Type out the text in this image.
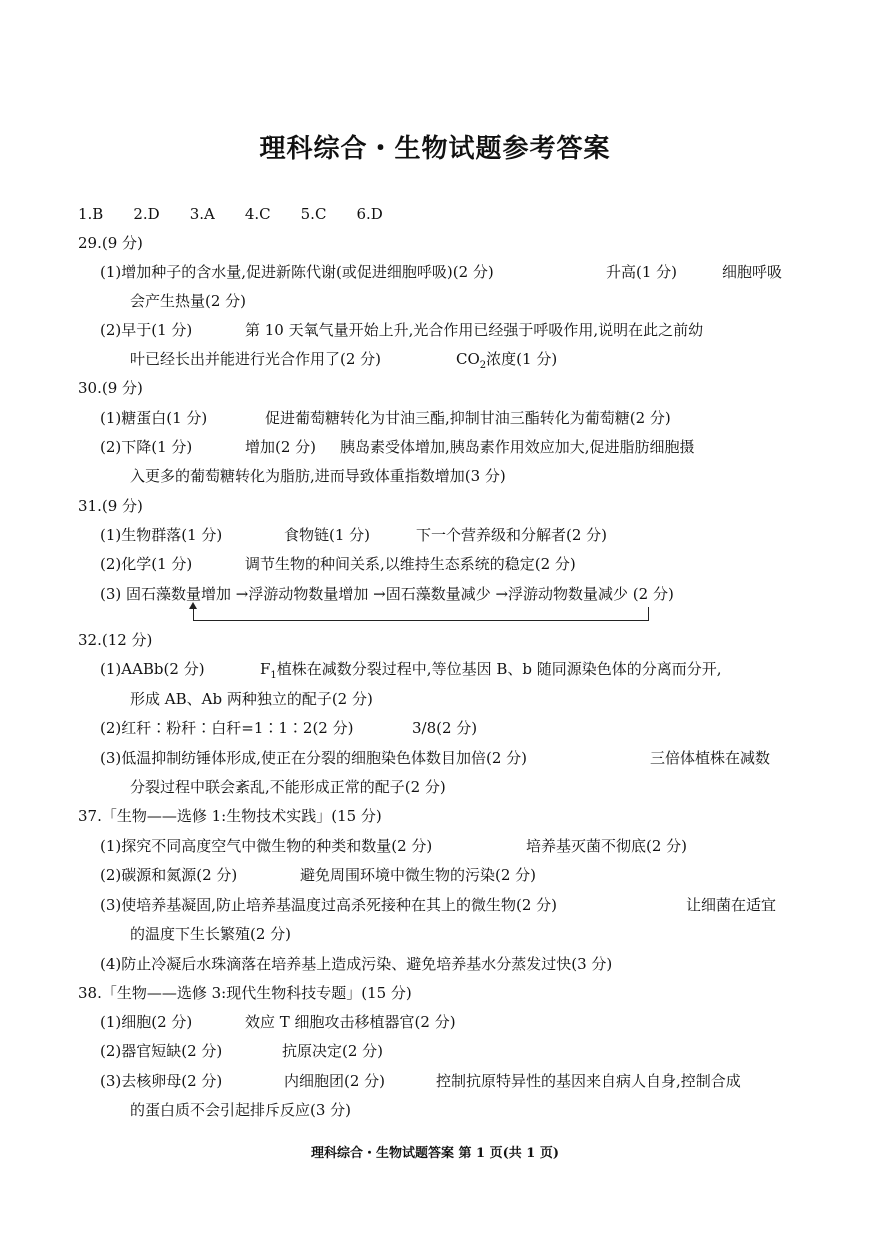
理科综合・生物试题参考答案
1.B 2.D 3.A 4.C 5.C 6.D
29.(9 分)
(1)增加种子的含水量,促进新陈代谢(或促进细胞呼吸)(2 分)	升高(1 分)	细胞呼吸
会产生热量(2 分)
(2)早于(1 分)	第 10 天氧气量开始上升,光合作用已经强于呼吸作用,说明在此之前幼
叶已经长出并能进行光合作用了(2 分)	$CO_2$浓度(1 分)
30.(9 分)
(1)糖蛋白(1 分)	促进葡萄糖转化为甘油三酯,抑制甘油三酯转化为葡萄糖(2 分)
(2)下降(1 分)	增加(2 分) 胰岛素受体增加,胰岛素作用效应加大,促进脂肪细胞摄
入更多的葡萄糖转化为脂肪,进而导致体重指数增加(3 分)
31.(9 分)
(1)生物群落(1 分)	食物链(1 分)	下一个营养级和分解者(2 分)
(2)化学(1 分)	调节生物的种间关系,以维持生态系统的稳定(2 分)
(3) 固石藻数量增加 →浮游动物数量增加 →固石藻数量减少 →浮游动物数量减少 (2 分)
32.(12 分)
(1)AABb(2 分)	$F_1$植株在减数分裂过程中,等位基因 B、b 随同源染色体的分离而分开,
形成 AB、Ab 两种独立的配子(2 分)
(2)红秆∶粉秆∶白秆=1∶1∶2(2 分)	3/8(2 分)
(3)低温抑制纺锤体形成,使正在分裂的细胞染色体数目加倍(2 分)	三倍体植株在减数
分裂过程中联会紊乱,不能形成正常的配子(2 分)
37.「生物——选修 1:生物技术实践」(15 分)
(1)探究不同高度空气中微生物的种类和数量(2 分)	培养基灭菌不彻底(2 分)
(2)碳源和氮源(2 分)	避免周围环境中微生物的污染(2 分)
(3)使培养基凝固,防止培养基温度过高杀死接种在其上的微生物(2 分)	让细菌在适宜
的温度下生长繁殖(2 分)
(4)防止冷凝后水珠滴落在培养基上造成污染、避免培养基水分蒸发过快(3 分)
38.「生物——选修 3:现代生物科技专题」(15 分)
(1)细胞(2 分)	效应 T 细胞攻击移植器官(2 分)
(2)器官短缺(2 分)	抗原决定(2 分)
(3)去核卵母(2 分)	内细胞团(2 分)	控制抗原特异性的基因来自病人自身,控制合成
的蛋白质不会引起排斥反应(3 分)
理科综合・生物试题答案 第 1 页(共 1 页)
